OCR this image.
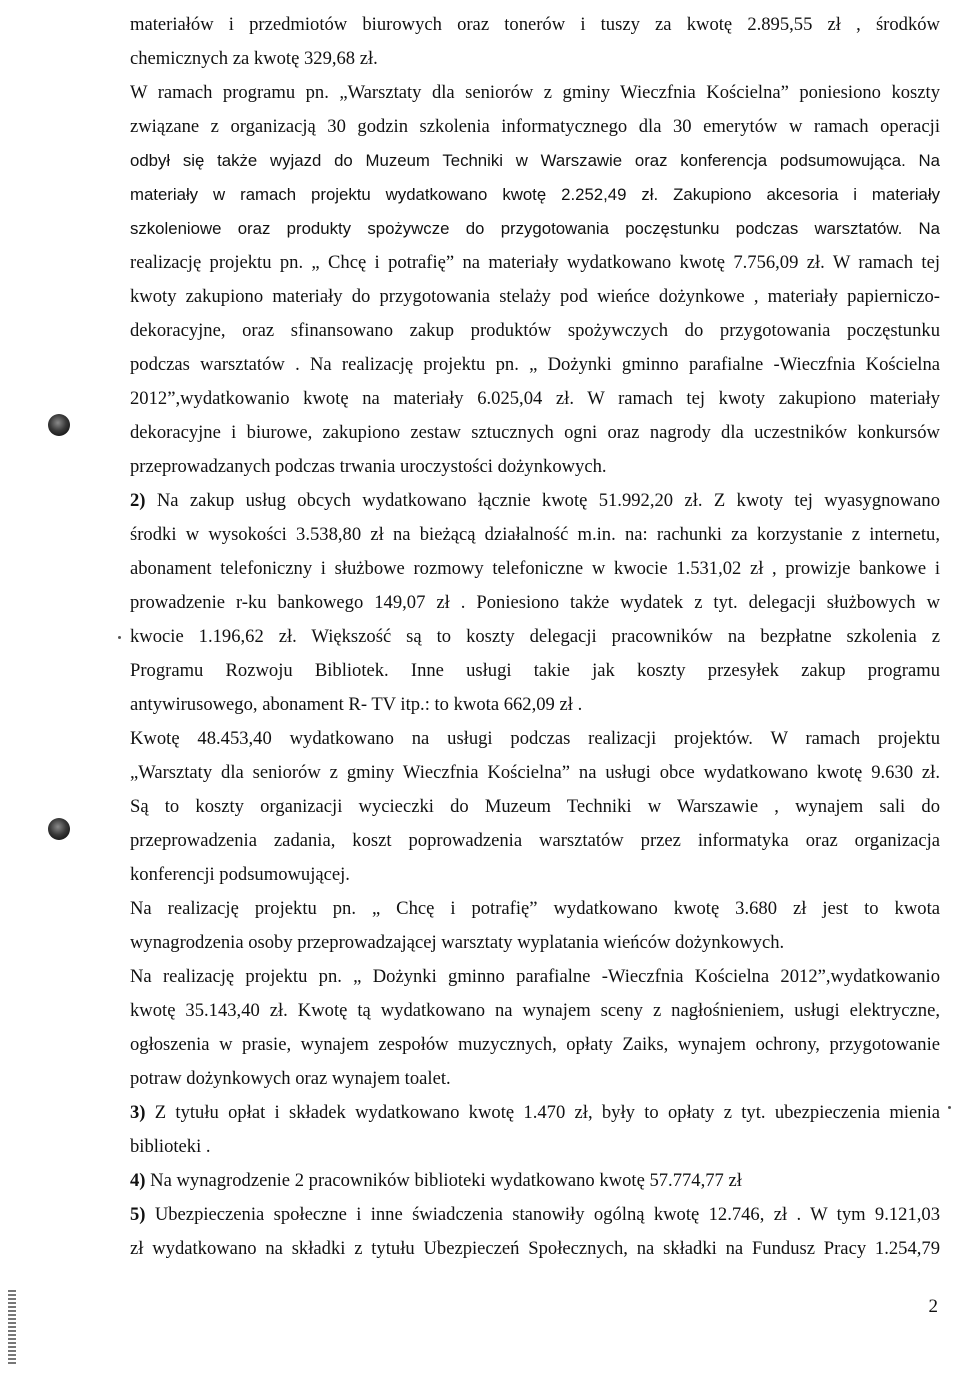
materiałów i przedmiotów biurowych oraz tonerów i tuszy za kwotę 2.895,55 zł , środków
chemicznych za kwotę 329,68 zł.
W ramach programu pn. „Warsztaty dla seniorów z gminy Wieczfnia Kościelna” poniesiono koszty
związane z organizacją 30 godzin szkolenia informatycznego dla 30 emerytów w ramach operacji
odbył się także wyjazd do Muzeum Techniki w Warszawie oraz konferencja podsumowująca. Na
materiały w ramach projektu wydatkowano kwotę 2.252,49 zł. Zakupiono akcesoria i materiały
szkoleniowe oraz produkty spożywcze do przygotowania poczęstunku podczas warsztatów. Na
realizację projektu pn. „ Chcę i potrafię” na materiały wydatkowano kwotę 7.756,09 zł. W ramach tej
kwoty zakupiono materiały do przygotowania stelaży pod wieńce dożynkowe , materiały papierniczo-
dekoracyjne, oraz sfinansowano zakup produktów spożywczych do przygotowania poczęstunku
podczas warsztatów . Na realizację projektu pn. „ Dożynki gminno parafialne -Wieczfnia Kościelna
2012”,wydatkowanio kwotę na materiały 6.025,04 zł. W ramach tej kwoty zakupiono materiały
dekoracyjne i biurowe, zakupiono zestaw sztucznych ogni oraz nagrody dla uczestników konkursów
przeprowadzanych podczas trwania uroczystości dożynkowych.
2) Na zakup usług obcych wydatkowano łącznie kwotę 51.992,20 zł. Z kwoty tej wyasygnowano
środki w wysokości 3.538,80 zł na bieżącą działalność m.in. na: rachunki za korzystanie z internetu,
abonament telefoniczny i służbowe rozmowy telefoniczne w kwocie 1.531,02 zł , prowizje bankowe i
prowadzenie r-ku bankowego 149,07 zł . Poniesiono także wydatek z tyt. delegacji służbowych w
kwocie 1.196,62 zł. Większość są to koszty delegacji pracowników na bezpłatne szkolenia z
Programu Rozwoju Bibliotek. Inne usługi takie jak koszty przesyłek zakup programu
antywirusowego, abonament R- TV itp.: to kwota 662,09 zł .
Kwotę 48.453,40 wydatkowano na usługi podczas realizacji projektów. W ramach projektu
„Warsztaty dla seniorów z gminy Wieczfnia Kościelna” na usługi obce wydatkowano kwotę 9.630 zł.
Są to koszty organizacji wycieczki do Muzeum Techniki w Warszawie , wynajem sali do
przeprowadzenia zadania, koszt poprowadzenia warsztatów przez informatyka oraz organizacja
konferencji podsumowującej.
Na realizację projektu pn. „ Chcę i potrafię” wydatkowano kwotę 3.680 zł jest to kwota
wynagrodzenia osoby przeprowadzającej warsztaty wyplatania wieńców dożynkowych.
Na realizację projektu pn. „ Dożynki gminno parafialne -Wieczfnia Kościelna 2012”,wydatkowanio
kwotę 35.143,40 zł. Kwotę tą wydatkowano na wynajem sceny z nagłośnieniem, usługi elektryczne,
ogłoszenia w prasie, wynajem zespołów muzycznych, opłaty Zaiks, wynajem ochrony, przygotowanie
potraw dożynkowych oraz wynajem toalet.
3) Z tytułu opłat i składek wydatkowano kwotę 1.470 zł, były to opłaty z tyt. ubezpieczenia mienia
biblioteki .
4) Na wynagrodzenie 2 pracowników biblioteki wydatkowano kwotę 57.774,77 zł
5) Ubezpieczenia społeczne i inne świadczenia stanowiły ogólną kwotę 12.746, zł . W tym 9.121,03
zł wydatkowano na składki z tytułu Ubezpieczeń Społecznych, na składki na Fundusz Pracy 1.254,79
2
